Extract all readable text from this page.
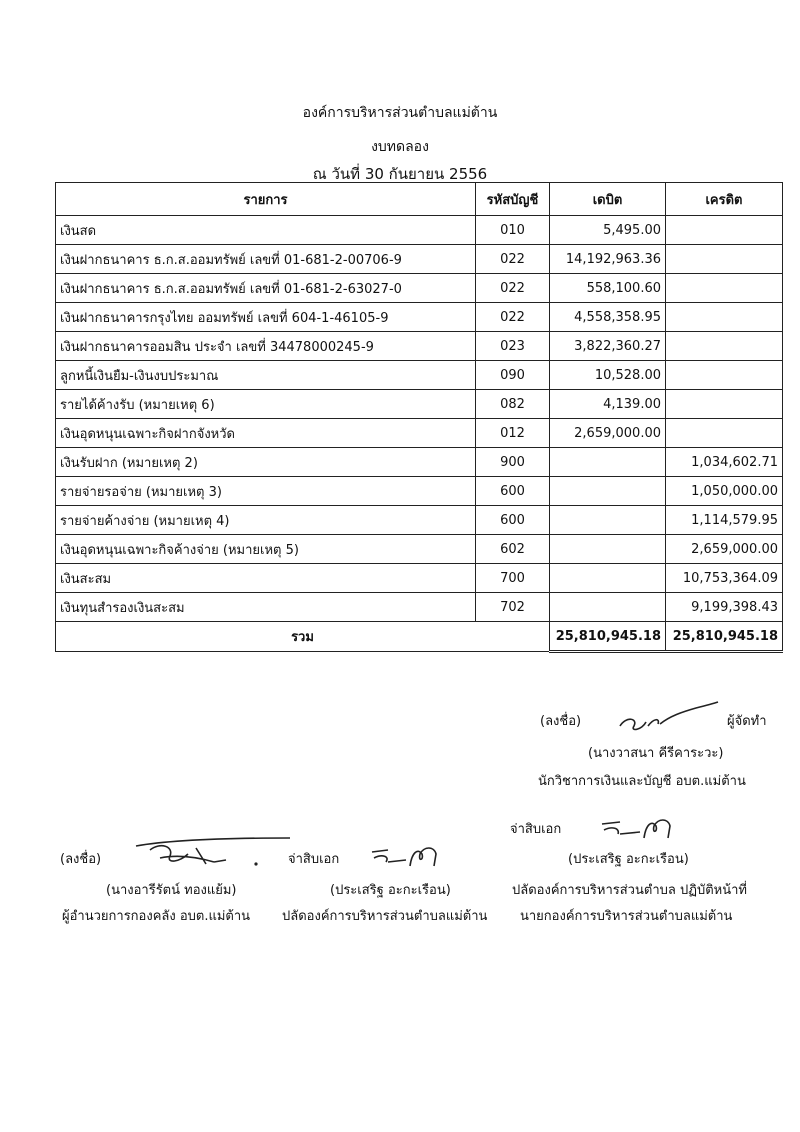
องค์การบริหารส่วนตำบลแม่ต้าน
งบทดลอง
ณ วันที่ 30 กันยายน 2556
รายการ	รหัสบัญชี	เดบิต	เครดิต
เงินสด	010	5,495.00	
เงินฝากธนาคาร ธ.ก.ส.ออมทรัพย์ เลขที่ 01-681-2-00706-9	022	14,192,963.36	
เงินฝากธนาคาร ธ.ก.ส.ออมทรัพย์ เลขที่ 01-681-2-63027-0	022	558,100.60	
เงินฝากธนาคารกรุงไทย ออมทรัพย์ เลขที่ 604-1-46105-9	022	4,558,358.95	
เงินฝากธนาคารออมสิน ประจำ เลขที่ 34478000245-9	023	3,822,360.27	
ลูกหนี้เงินยืม-เงินงบประมาณ	090	10,528.00	
รายได้ค้างรับ (หมายเหตุ 6)	082	4,139.00	
เงินอุดหนุนเฉพาะกิจฝากจังหวัด	012	2,659,000.00	
เงินรับฝาก (หมายเหตุ 2)	900		1,034,602.71
รายจ่ายรอจ่าย (หมายเหตุ 3)	600		1,050,000.00
รายจ่ายค้างจ่าย (หมายเหตุ 4)	600		1,114,579.95
เงินอุดหนุนเฉพาะกิจค้างจ่าย (หมายเหตุ 5)	602		2,659,000.00
เงินสะสม	700		10,753,364.09
เงินทุนสำรองเงินสะสม	702		9,199,398.43
รวม		25,810,945.18	25,810,945.18
(ลงชื่อ)	ผู้จัดทำ
(นางวาสนา คีรีคาระวะ)
นักวิชาการเงินและบัญชี อบต.แม่ต้าน
จ่าสิบเอก
(ประเสริฐ อะกะเรือน)
ปลัดองค์การบริหารส่วนตำบล ปฏิบัติหน้าที่
นายกองค์การบริหารส่วนตำบลแม่ต้าน
(ลงชื่อ)
(นางอารีรัตน์ ทองแย้ม)
ผู้อำนวยการกองคลัง อบต.แม่ต้าน
จ่าสิบเอก
(ประเสริฐ อะกะเรือน)
ปลัดองค์การบริหารส่วนตำบลแม่ต้าน
